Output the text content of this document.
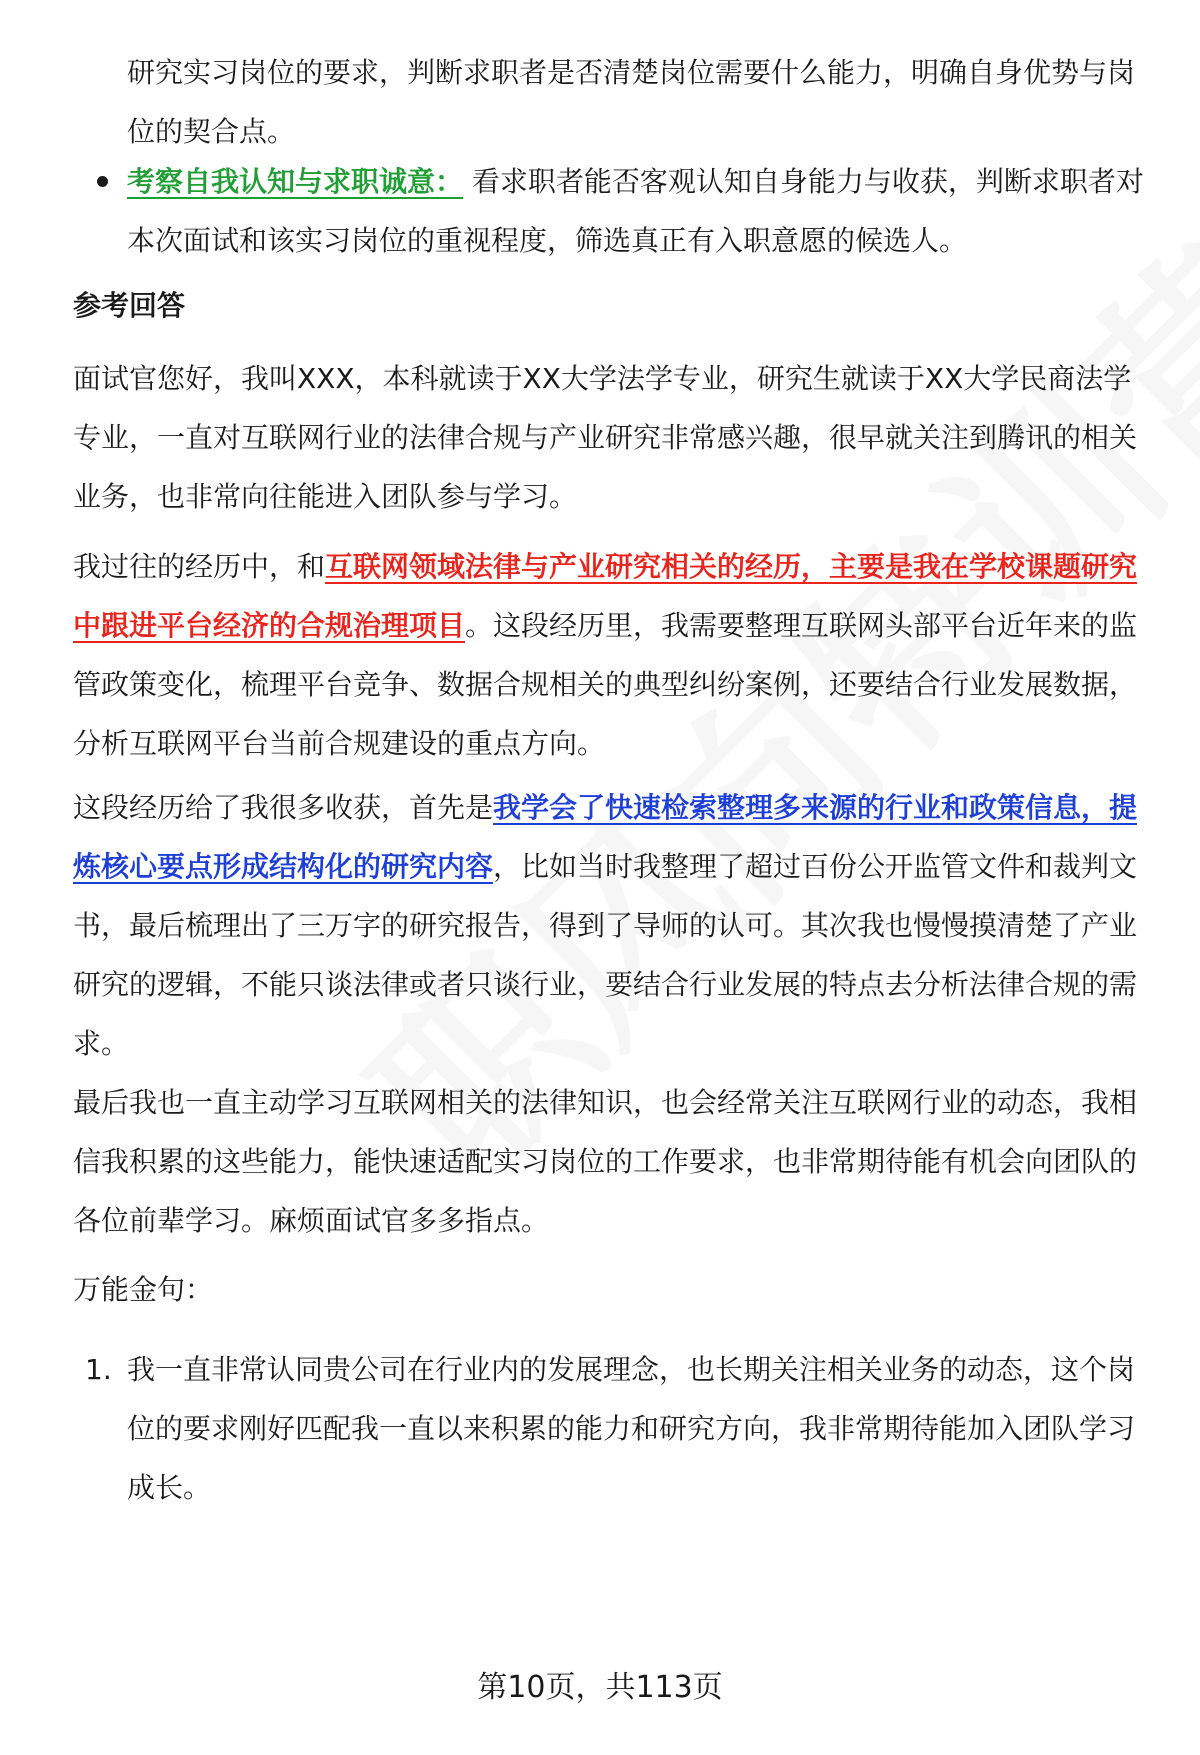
研究实习岗位的要求，判断求职者是否清楚岗位需要什么能力，明确自身优势与岗位的契合点。

考察自我认知与求职诚意： 看求职者能否客观认知自身能力与收获，判断求职者对本次面试和该实习岗位的重视程度，筛选真正有入职意愿的候选人。

参考回答

面试官您好，我叫XXX，本科就读于XX大学法学专业，研究生就读于XX大学民商法学专业，一直对互联网行业的法律合规与产业研究非常感兴趣，很早就关注到腾讯的相关业务，也非常向往能进入团队参与学习。

我过往的经历中，和互联网领域法律与产业研究相关的经历，主要是我在学校课题研究中跟进平台经济的合规治理项目。这段经历里，我需要整理互联网头部平台近年来的监管政策变化，梳理平台竞争、数据合规相关的典型纠纷案例，还要结合行业发展数据，分析互联网平台当前合规建设的重点方向。

这段经历给了我很多收获，首先是我学会了快速检索整理多来源的行业和政策信息，提炼核心要点形成结构化的研究内容，比如当时我整理了超过百份公开监管文件和裁判文书，最后梳理出了三万字的研究报告，得到了导师的认可。其次我也慢慢摸清楚了产业研究的逻辑，不能只谈法律或者只谈行业，要结合行业发展的特点去分析法律合规的需求。

最后我也一直主动学习互联网相关的法律知识，也会经常关注互联网行业的动态，我相信我积累的这些能力，能快速适配实习岗位的工作要求，也非常期待能有机会向团队的各位前辈学习。麻烦面试官多多指点。

万能金句：

1. 我一直非常认同贵公司在行业内的发展理念，也长期关注相关业务的动态，这个岗位的要求刚好匹配我一直以来积累的能力和研究方向，我非常期待能加入团队学习成长。

第10页，共113页
